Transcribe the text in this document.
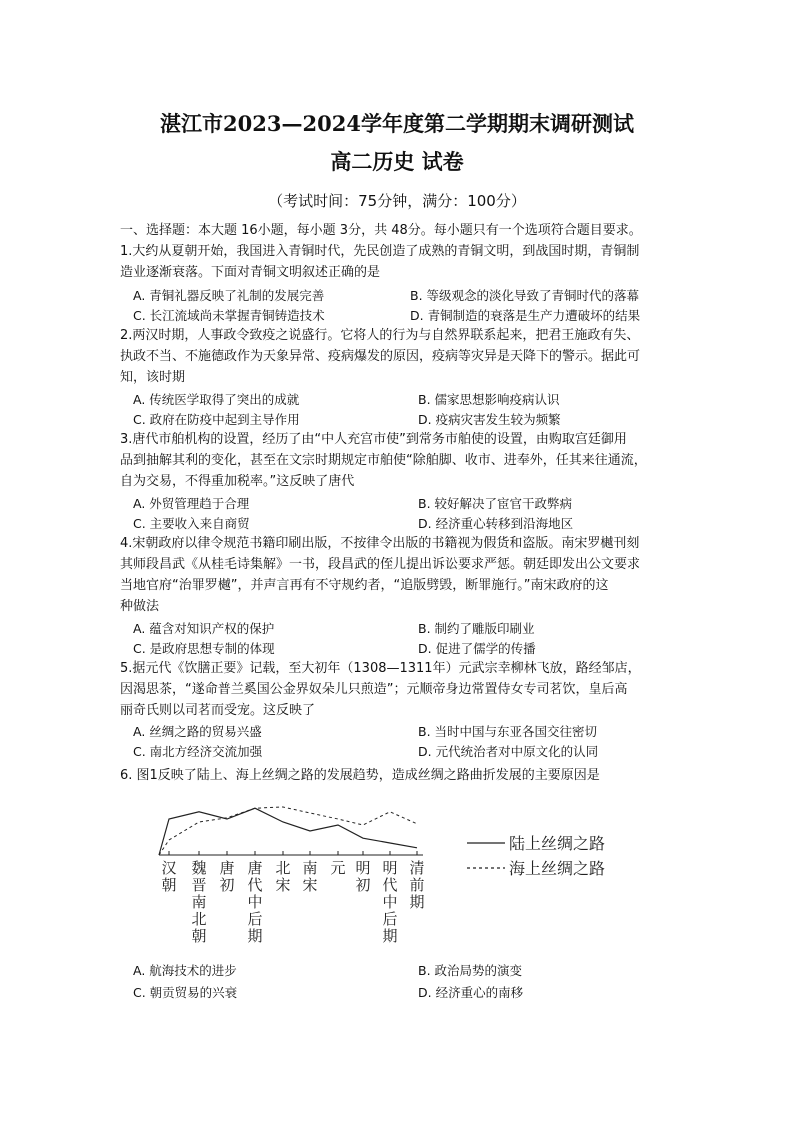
湛江市2023—2024学年度第二学期期末调研测试
高二历史 试卷
（考试时间：75分钟，满分：100分）
一、选择题：本大题 16小题，每小题 3分，共 48分。每小题只有一个选项符合题目要求。
1.大约从夏朝开始，我国进入青铜时代，先民创造了成熟的青铜文明，到战国时期，青铜制
造业逐渐衰落。下面对青铜文明叙述正确的是
A. 青铜礼器反映了礼制的发展完善	B. 等级观念的淡化导致了青铜时代的落幕
C. 长江流域尚未掌握青铜铸造技术	D. 青铜制造的衰落是生产力遭破坏的结果
2.两汉时期，人事政令致疫之说盛行。它将人的行为与自然界联系起来，把君王施政有失、
执政不当、不施德政作为天象异常、疫病爆发的原因，疫病等灾异是天降下的警示。据此可
知，该时期
A. 传统医学取得了突出的成就	B. 儒家思想影响疫病认识
C. 政府在防疫中起到主导作用	D. 疫病灾害发生较为频繁
3.唐代市舶机构的设置，经历了由“中人充宫市使”到常务市舶使的设置，由购取宫廷御用
品到抽解其利的变化，甚至在文宗时期规定市舶使“除舶脚、收市、进奉外，任其来往通流，
自为交易，不得重加税率。”这反映了唐代
A. 外贸管理趋于合理	B. 较好解决了宦官干政弊病
C. 主要收入来自商贸	D. 经济重心转移到沿海地区
4.宋朝政府以律令规范书籍印刷出版，不按律令出版的书籍视为假货和盗版。南宋罗樾刊刻
其师段昌武《从桂毛诗集解》一书，段昌武的侄儿提出诉讼要求严惩。朝廷即发出公文要求
当地官府“治罪罗樾”，并声言再有不守规约者，“追版劈毁，断罪施行。”南宋政府的这
种做法
A. 蕴含对知识产权的保护	B. 制约了雕版印刷业
C. 是政府思想专制的体现	D. 促进了儒学的传播
5.据元代《饮膳正要》记载，至大初年（1308—1311年）元武宗幸柳林飞放，路经邹店，
因渴思茶，“遂命普兰奚国公金界奴朵儿只煎造”；元顺帝身边常置侍女专司茗饮，皇后高
丽奇氏则以司茗而受宠。这反映了
A. 丝绸之路的贸易兴盛	B. 当时中国与东亚各国交往密切
C. 南北方经济交流加强	D. 元代统治者对中原文化的认同
6. 图1反映了陆上、海上丝绸之路的发展趋势，造成丝绸之路曲折发展的主要原因是
汉朝
魏晋南北朝
唐初
唐代中后期
北宋
南宋
元 明初
明代中后期
清前期
陆上丝绸之路
海上丝绸之路
A. 航海技术的进步	B. 政治局势的演变
C. 朝贡贸易的兴衰	D. 经济重心的南移
